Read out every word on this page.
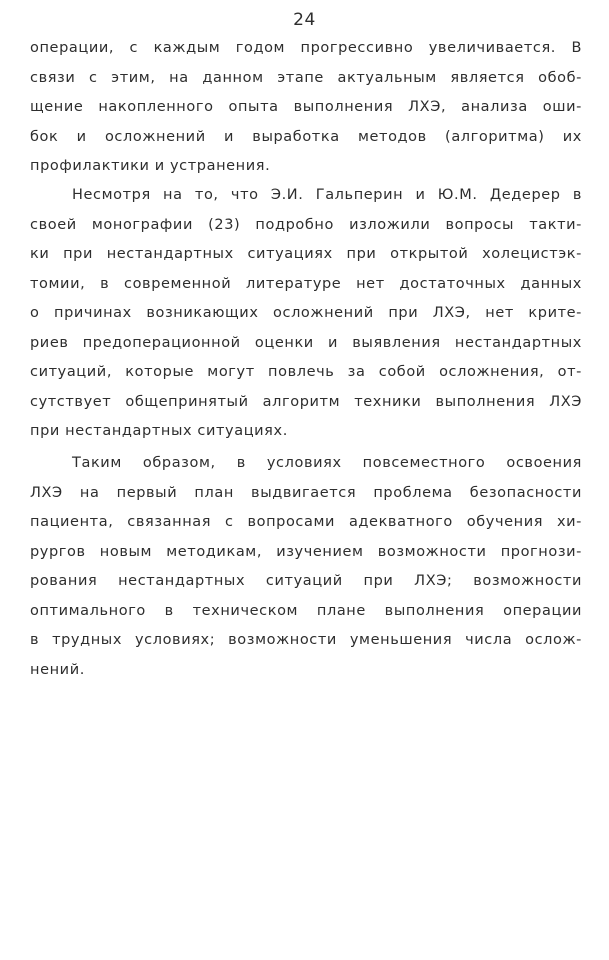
24
операции, с каждым годом прогрессивно увеличивается. В
связи с этим, на данном этапе актуальным является обоб-
щение накопленного опыта выполнения ЛХЭ, анализа оши-
бок и осложнений и выработка методов (алгоритма) их
профилактики и устранения.
Несмотря на то, что Э.И. Гальперин и Ю.М. Дедерер в
своей монографии (23) подробно изложили вопросы такти-
ки при нестандартных ситуациях при открытой холецистэк-
томии, в современной литературе нет достаточных данных
о причинах возникающих осложнений при ЛХЭ, нет крите-
риев предоперационной оценки и выявления нестандартных
ситуаций, которые могут повлечь за собой осложнения, от-
сутствует общепринятый алгоритм техники выполнения ЛХЭ
при нестандартных ситуациях.
Таким образом, в условиях повсеместного освоения
ЛХЭ на первый план выдвигается проблема безопасности
пациента, связанная с вопросами адекватного обучения хи-
рургов новым методикам, изучением возможности прогнози-
рования нестандартных ситуаций при ЛХЭ; возможности
оптимального в техническом плане выполнения операции
в трудных условиях; возможности уменьшения числа ослож-
нений.
